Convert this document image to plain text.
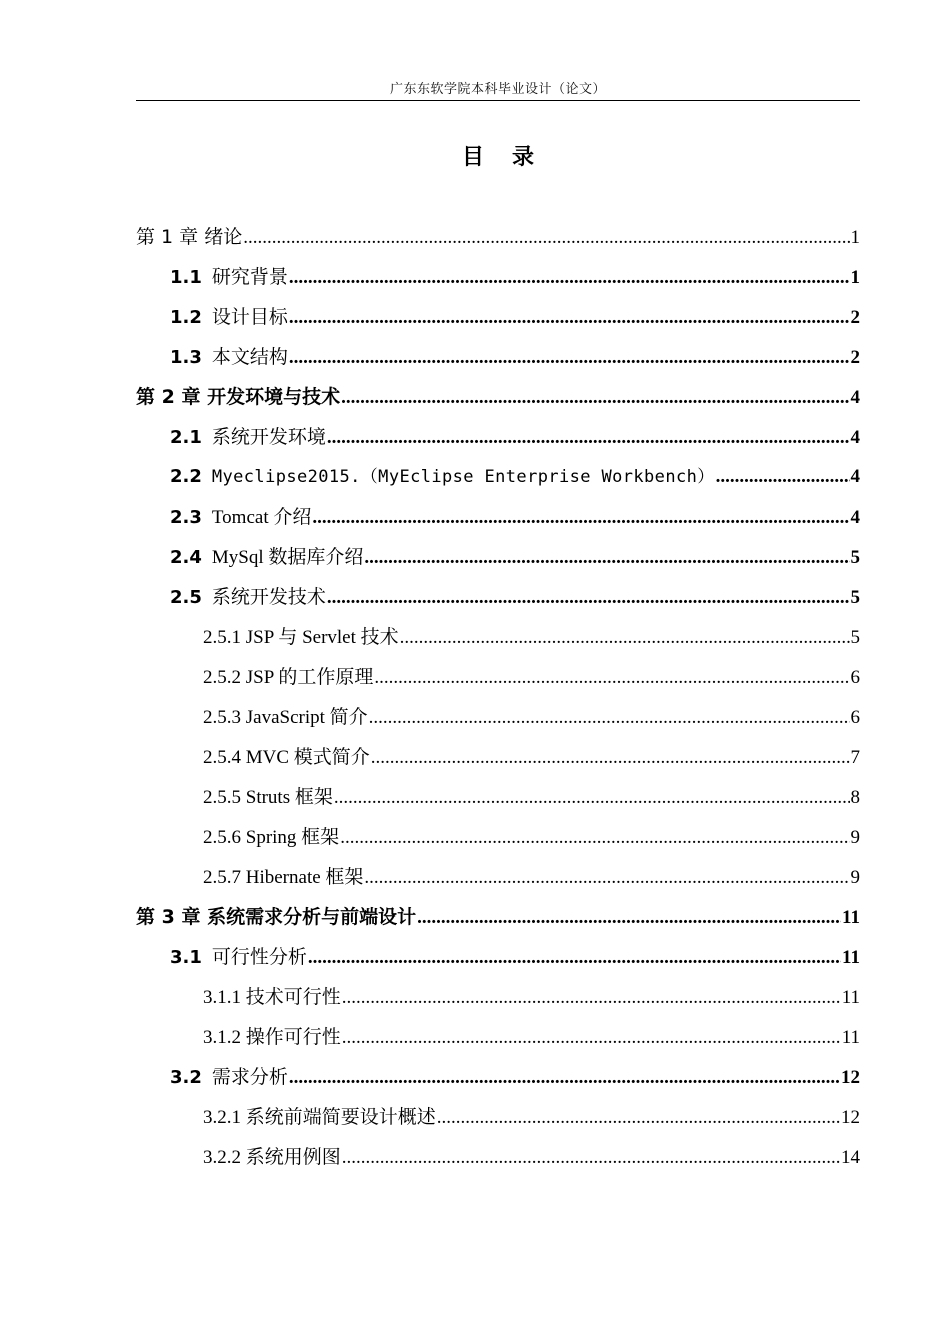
广东东软学院本科毕业设计（论文）
目录
第 1 章 绪论 .....	1
1.1 研究背景 .....	1
1.2 设计目标 .....	2
1.3 本文结构 .....	2
第 2 章 开发环境与技术 .....	4
2.1 系统开发环境 .....	4
2.2 Myeclipse2015.（MyEclipse Enterprise Workbench） .....	4
2.3 Tomcat 介绍 .....	4
2.4 MySql 数据库介绍 .....	5
2.5 系统开发技术 .....	5
2.5.1 JSP 与 Servlet 技术 .....	5
2.5.2 JSP 的工作原理 .....	6
2.5.3 JavaScript 简介 .....	6
2.5.4 MVC 模式简介 .....	7
2.5.5 Struts 框架 .....	8
2.5.6 Spring 框架 .....	9
2.5.7 Hibernate 框架 .....	9
第 3 章 系统需求分析与前端设计 .....	11
3.1 可行性分析 .....	11
3.1.1 技术可行性 .....	11
3.1.2 操作可行性 .....	11
3.2 需求分析 .....	12
3.2.1 系统前端简要设计概述 .....	12
3.2.2 系统用例图 .....	14
